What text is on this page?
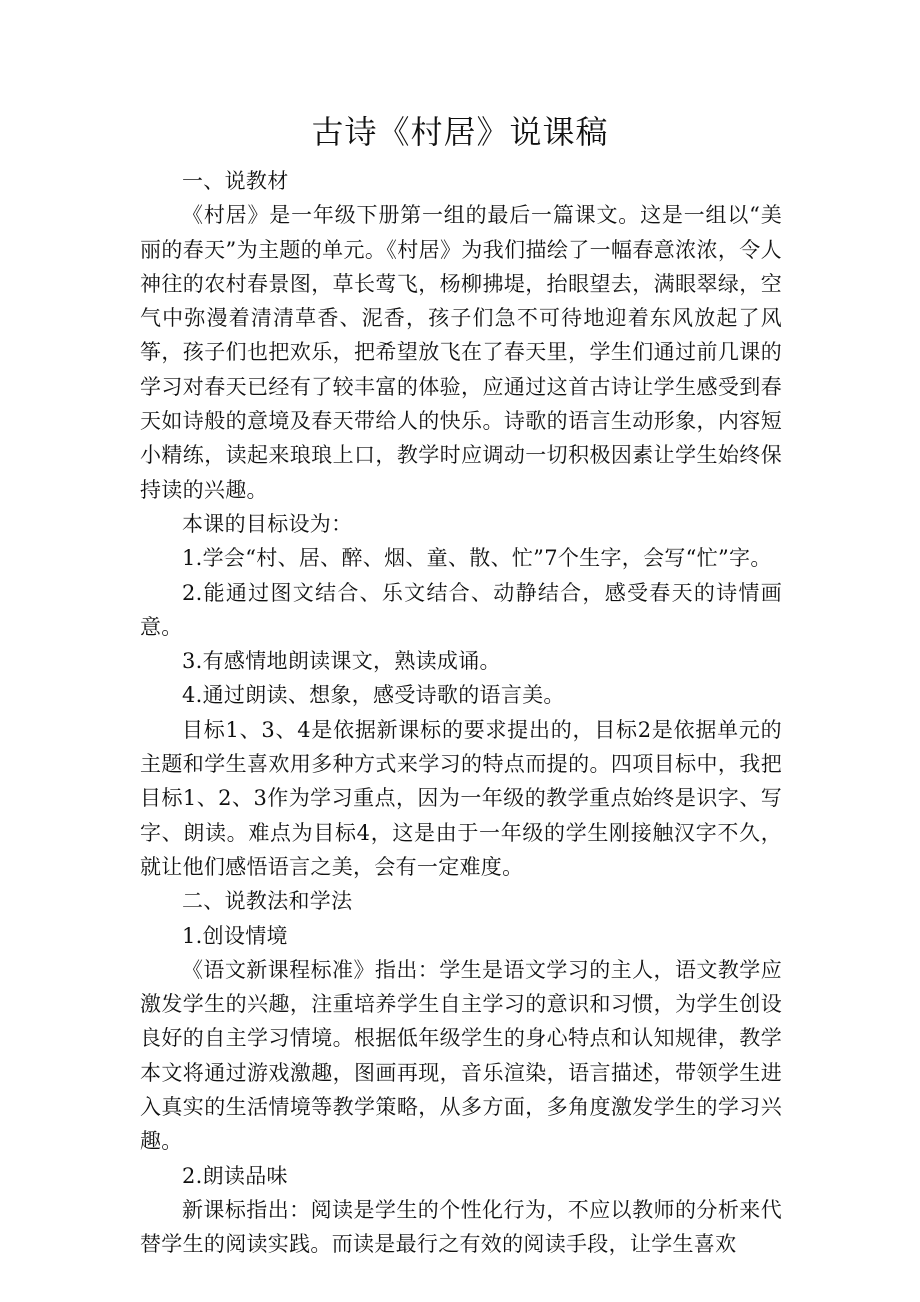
古诗《村居》说课稿

一、说教材

《村居》是一年级下册第一组的最后一篇课文。这是一组以“美丽的春天”为主题的单元。《村居》为我们描绘了一幅春意浓浓，令人神往的农村春景图，草长莺飞，杨柳拂堤，抬眼望去，满眼翠绿，空气中弥漫着清清草香、泥香，孩子们急不可待地迎着东风放起了风筝，孩子们也把欢乐，把希望放飞在了春天里，学生们通过前几课的学习对春天已经有了较丰富的体验，应通过这首古诗让学生感受到春天如诗般的意境及春天带给人的快乐。诗歌的语言生动形象，内容短小精练，读起来琅琅上口，教学时应调动一切积极因素让学生始终保持读的兴趣。

本课的目标设为：

1.学会“村、居、醉、烟、童、散、忙”7个生字，会写“忙”字。

2.能通过图文结合、乐文结合、动静结合，感受春天的诗情画意。

3.有感情地朗读课文，熟读成诵。

4.通过朗读、想象，感受诗歌的语言美。

目标1、3、4是依据新课标的要求提出的，目标2是依据单元的主题和学生喜欢用多种方式来学习的特点而提的。四项目标中，我把目标1、2、3作为学习重点，因为一年级的教学重点始终是识字、写字、朗读。难点为目标4，这是由于一年级的学生刚接触汉字不久，就让他们感悟语言之美，会有一定难度。

二、说教法和学法

1.创设情境

《语文新课程标准》指出：学生是语文学习的主人，语文教学应激发学生的兴趣，注重培养学生自主学习的意识和习惯，为学生创设良好的自主学习情境。根据低年级学生的身心特点和认知规律，教学本文将通过游戏激趣，图画再现，音乐渲染，语言描述，带领学生进入真实的生活情境等教学策略，从多方面，多角度激发学生的学习兴趣。

2.朗读品味

新课标指出：阅读是学生的个性化行为，不应以教师的分析来代替学生的阅读实践。而读是最行之有效的阅读手段，让学生喜欢
